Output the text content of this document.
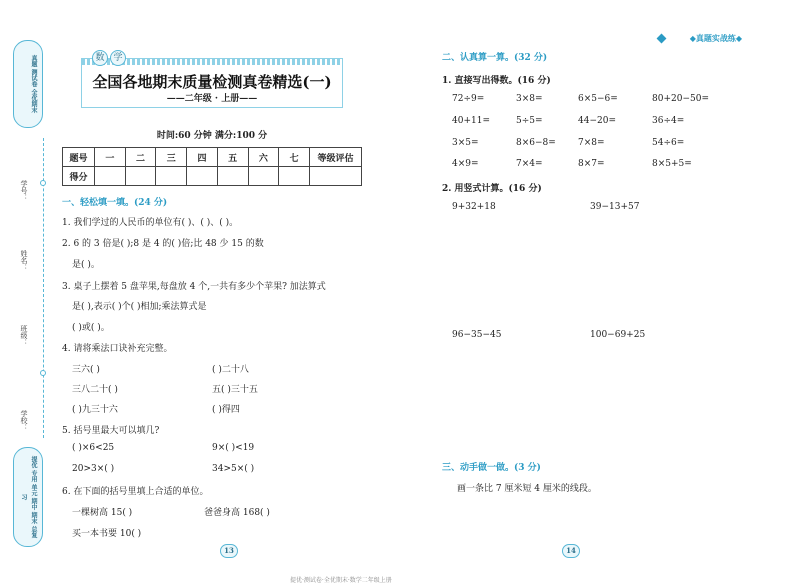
真题 测试卷 全优期末
学号：
姓名：
班级：
学校：
提优 专用 单元 期中 期末 总复习
数 学
全国各地期末质量检测真卷精选(一)
——二年级 · 上册——
时间:60 分钟 满分:100 分
题号	一	二	三	四	五	六	七	等级评估
得分								
一、轻松填一填。(24 分)
1. 我们学过的人民币的单位有( )、( )、( )。
2. 6 的 3 倍是( );8 是 4 的( )倍;比 48 少 15 的数
是( )。
3. 桌子上摆着 5 盘苹果,每盘放 4 个,一共有多少个苹果? 加法算式
是( ),表示( )个( )相加;乘法算式是
( )或( )。
4. 请将乘法口诀补充完整。
三六( )	( )二十八
三八二十( )	五( )三十五
( )九三十六	( )得四
5. 括号里最大可以填几?
( )×6<25	9×( )<19
20>3×( )	34>5×( )
6. 在下面的括号里填上合适的单位。
一棵树高 15( )	爸爸身高 168( )
买一本书要 10( )
13
◆真题实战练◆
二、认真算一算。(32 分)
1. 直接写出得数。(16 分)
72÷9=	3×8=	6×5−6=	80+20−50=
40+11=	5÷5=	44−20=	36÷4=
3×5=	8×6−8= 7×8=	54÷6=
4×9=	7×4=	8×7=	8×5+5=
2. 用竖式计算。(16 分)
9+32+18	39−13+57
96−35−45	100−69+25
三、动手做一做。(3 分)
画一条比 7 厘米短 4 厘米的线段。
14
提优·测试卷·全优期末·数学二年级上册
